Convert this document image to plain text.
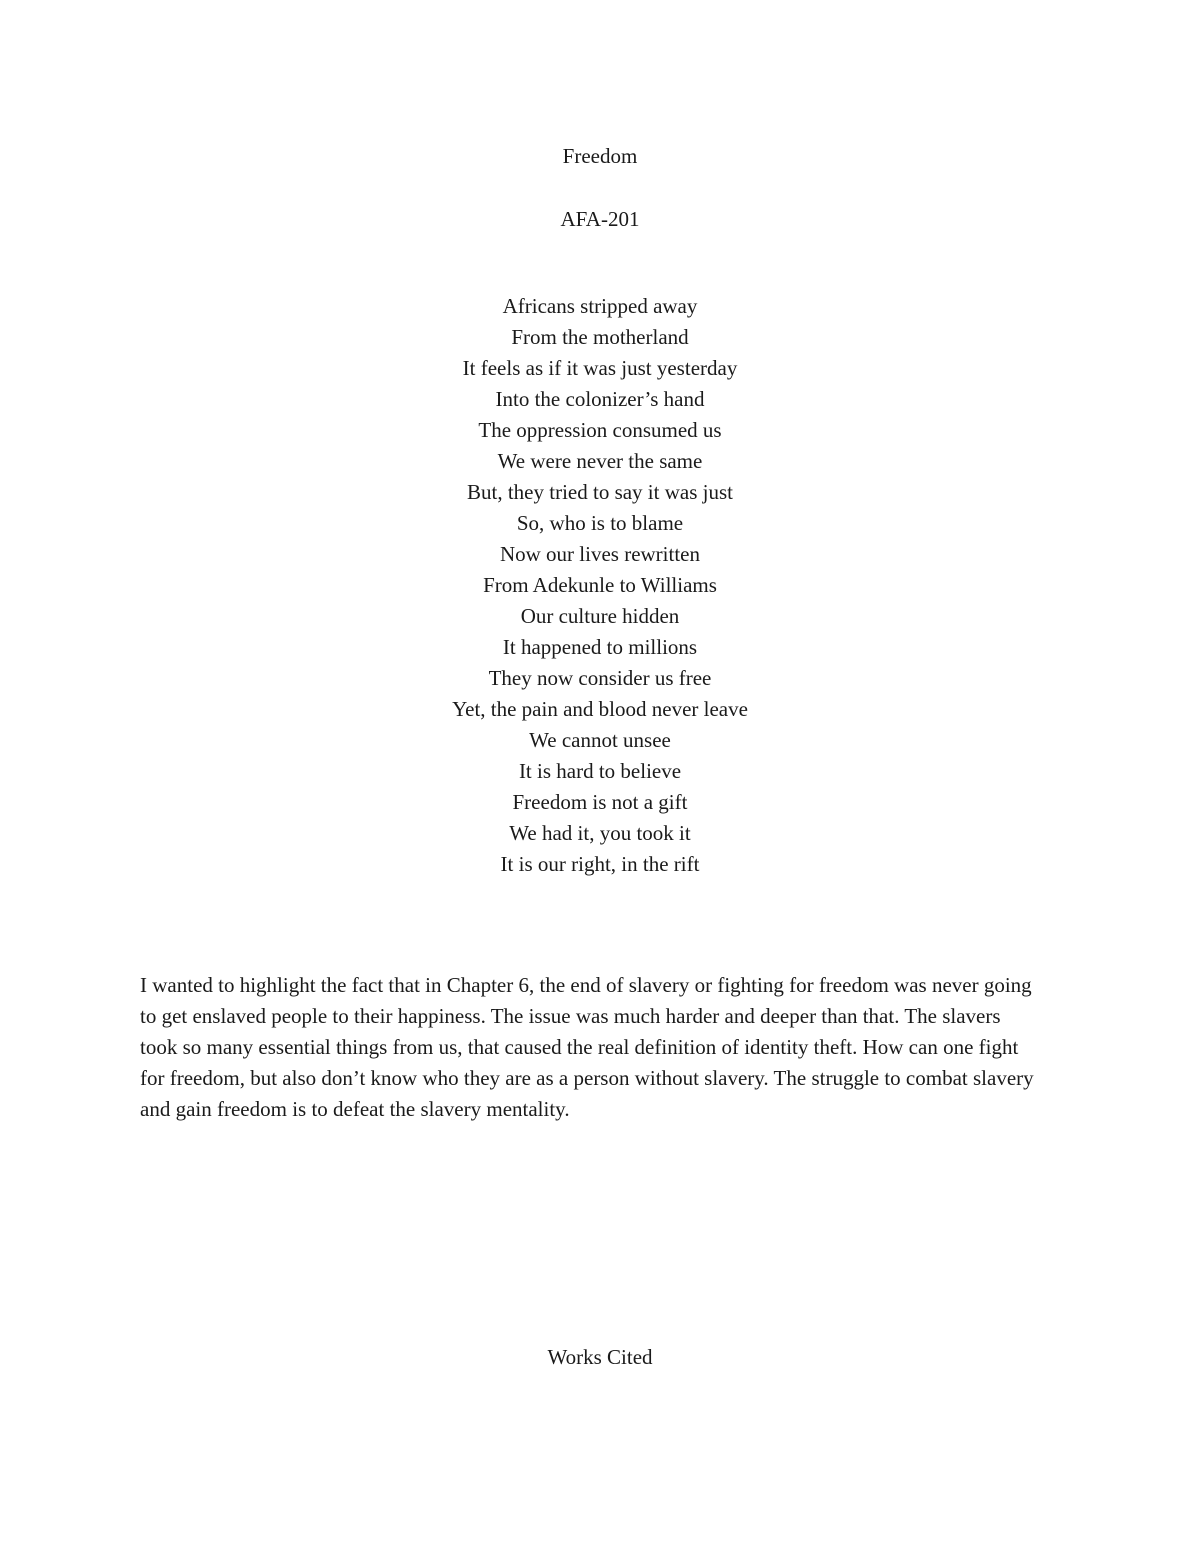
Freedom
AFA-201
Africans stripped away
From the motherland
It feels as if it was just yesterday
Into the colonizer’s hand
The oppression consumed us
We were never the same
But, they tried to say it was just
So, who is to blame
Now our lives rewritten
From Adekunle to Williams
Our culture hidden
It happened to millions
They now consider us free
Yet, the pain and blood never leave
We cannot unsee
It is hard to believe
Freedom is not a gift
We had it, you took it
It is our right, in the rift

I wanted to highlight the fact that in Chapter 6, the end of slavery or fighting for freedom was never going to get enslaved people to their happiness. The issue was much harder and deeper than that. The slavers took so many essential things from us, that caused the real definition of identity theft. How can one fight for freedom, but also don’t know who they are as a person without slavery. The struggle to combat slavery and gain freedom is to defeat the slavery mentality.

Works Cited
